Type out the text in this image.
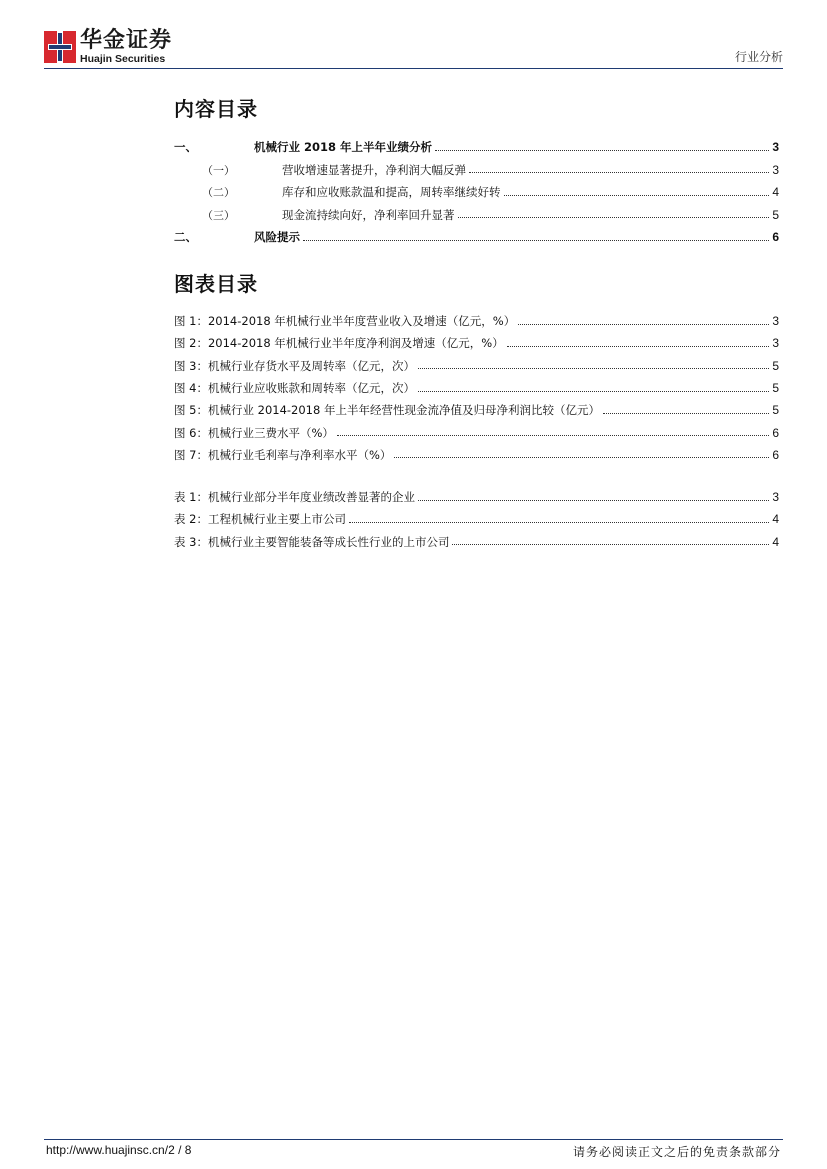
华金证券
Huajin Securities	行业分析
内容目录
一、	机械行业 2018 年上半年业绩分析	3
（一）	营收增速显著提升，净利润大幅反弹	3
（二）	库存和应收账款温和提高，周转率继续好转	4
（三）	现金流持续向好，净利率回升显著	5
二、	风险提示	6
图表目录
图 1：2014-2018 年机械行业半年度营业收入及增速（亿元，%）	3
图 2：2014-2018 年机械行业半年度净利润及增速（亿元，%）	3
图 3：机械行业存货水平及周转率（亿元，次）	5
图 4：机械行业应收账款和周转率（亿元，次）	5
图 5：机械行业 2014-2018 年上半年经营性现金流净值及归母净利润比较（亿元）	5
图 6：机械行业三费水平（%）	6
图 7：机械行业毛利率与净利率水平（%）	6
表 1：机械行业部分半年度业绩改善显著的企业	3
表 2：工程机械行业主要上市公司	4
表 3：机械行业主要智能装备等成长性行业的上市公司	4
http://www.huajinsc.cn/2 / 8	请务必阅读正文之后的免责条款部分
